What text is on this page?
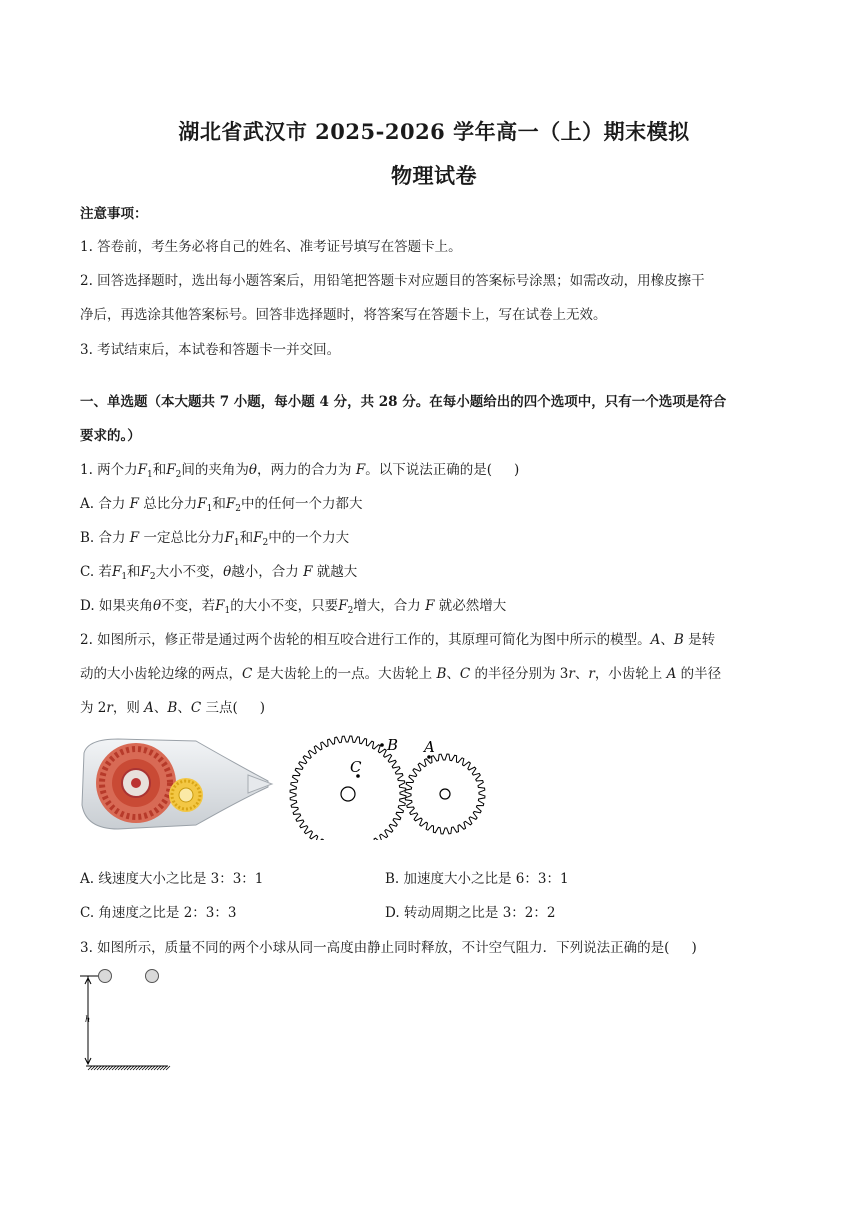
湖北省武汉市 2025-2026 学年高一（上）期末模拟
物理试卷
注意事项：
1. 答卷前，考生务必将自己的姓名、准考证号填写在答题卡上。
2. 回答选择题时，选出每小题答案后，用铅笔把答题卡对应题目的答案标号涂黑；如需改动，用橡皮擦干
净后，再选涂其他答案标号。回答非选择题时，将答案写在答题卡上，写在试卷上无效。
3. 考试结束后，本试卷和答题卡一并交回。
一、单选题（本大题共 7 小题，每小题 4 分，共 28 分。在每小题给出的四个选项中，只有一个选项是符合
要求的。）
1. 两个力$F_1$和$F_2$间的夹角为θ，两力的合力为 F。以下说法正确的是( )
A. 合力 F 总比分力$F_1$和$F_2$中的任何一个力都大
B. 合力 F 一定总比分力$F_1$和$F_2$中的一个力大
C. 若$F_1$和$F_2$大小不变，θ越小，合力 F 就越大
D. 如果夹角θ不变，若$F_1$的大小不变，只要$F_2$增大，合力 F 就必然增大
2. 如图所示，修正带是通过两个齿轮的相互咬合进行工作的，其原理可简化为图中所示的模型。A、B 是转
动的大小齿轮边缘的两点，C 是大齿轮上的一点。大齿轮上 B、C 的半径分别为 3r、r，小齿轮上 A 的半径
为 2r，则 A、B、C 三点( )
C
B A
A. 线速度大小之比是 3：3：1	B. 加速度大小之比是 6：3：1
C. 角速度之比是 2：3：3	D. 转动周期之比是 3：2：2
3. 如图所示，质量不同的两个小球从同一高度由静止同时释放，不计空气阻力．下列说法正确的是( )
h
